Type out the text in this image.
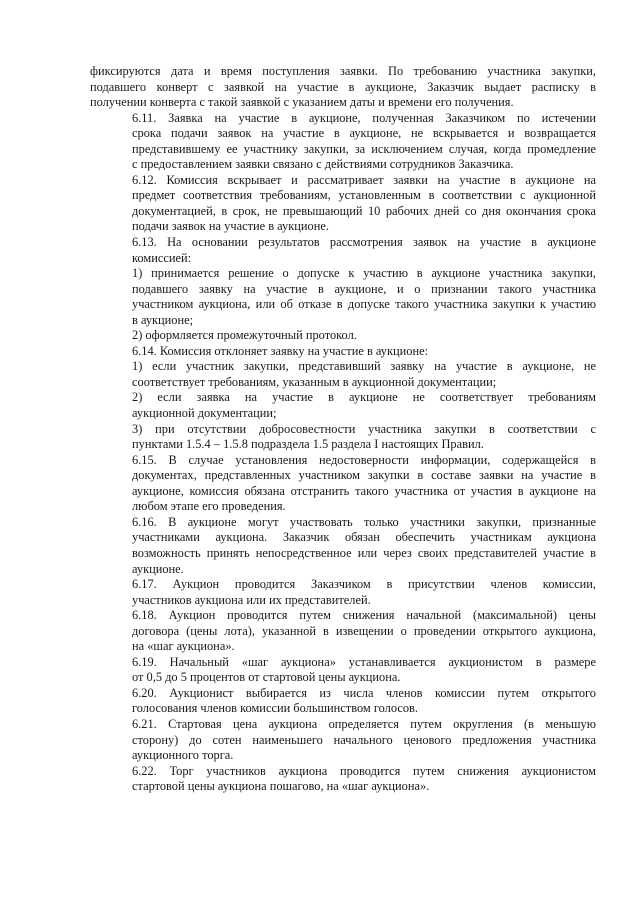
фиксируются дата и время поступления заявки. По требованию участника закупки,
подавшего конверт с заявкой на участие в аукционе, Заказчик выдает расписку в
получении конверта с такой заявкой с указанием даты и времени его получения.

6.11. Заявка на участие в аукционе, полученная Заказчиком по истечении
срока подачи заявок на участие в аукционе, не вскрывается и возвращается
представившему ее участнику закупки, за исключением случая, когда промедление
с предоставлением заявки связано с действиями сотрудников Заказчика.

6.12. Комиссия вскрывает и рассматривает заявки на участие в аукционе на
предмет соответствия требованиям, установленным в соответствии с аукционной
документацией, в срок, не превышающий 10 рабочих дней со дня окончания срока
подачи заявок на участие в аукционе.

6.13. На основании результатов рассмотрения заявок на участие в аукционе
комиссией:

1) принимается решение о допуске к участию в аукционе участника закупки,
подавшего заявку на участие в аукционе, и о признании такого участника
участником аукциона, или об отказе в допуске такого участника закупки к участию
в аукционе;

2) оформляется промежуточный протокол.

6.14. Комиссия отклоняет заявку на участие в аукционе:

1) если участник закупки, представивший заявку на участие в аукционе, не
соответствует требованиям, указанным в аукционной документации;

2) если заявка на участие в аукционе не соответствует требованиям
аукционной документации;

3) при отсутствии добросовестности участника закупки в соответствии с
пунктами 1.5.4 – 1.5.8 подраздела 1.5 раздела I настоящих Правил.

6.15. В случае установления недостоверности информации, содержащейся в
документах, представленных участником закупки в составе заявки на участие в
аукционе, комиссия обязана отстранить такого участника от участия в аукционе на
любом этапе его проведения.

6.16. В аукционе могут участвовать только участники закупки, признанные
участниками аукциона. Заказчик обязан обеспечить участникам аукциона
возможность принять непосредственное или через своих представителей участие в
аукционе.

6.17. Аукцион проводится Заказчиком в присутствии членов комиссии,
участников аукциона или их представителей.

6.18. Аукцион проводится путем снижения начальной (максимальной) цены
договора (цены лота), указанной в извещении о проведении открытого аукциона,
на «шаг аукциона».

6.19. Начальный «шаг аукциона» устанавливается аукционистом в размере
от 0,5 до 5 процентов от стартовой цены аукциона.

6.20. Аукционист выбирается из числа членов комиссии путем открытого
голосования членов комиссии большинством голосов.

6.21. Стартовая цена аукциона определяется путем округления (в меньшую
сторону) до сотен наименьшего начального ценового предложения участника
аукционного торга.

6.22. Торг участников аукциона проводится путем снижения аукционистом
стартовой цены аукциона пошагово, на «шаг аукциона».
